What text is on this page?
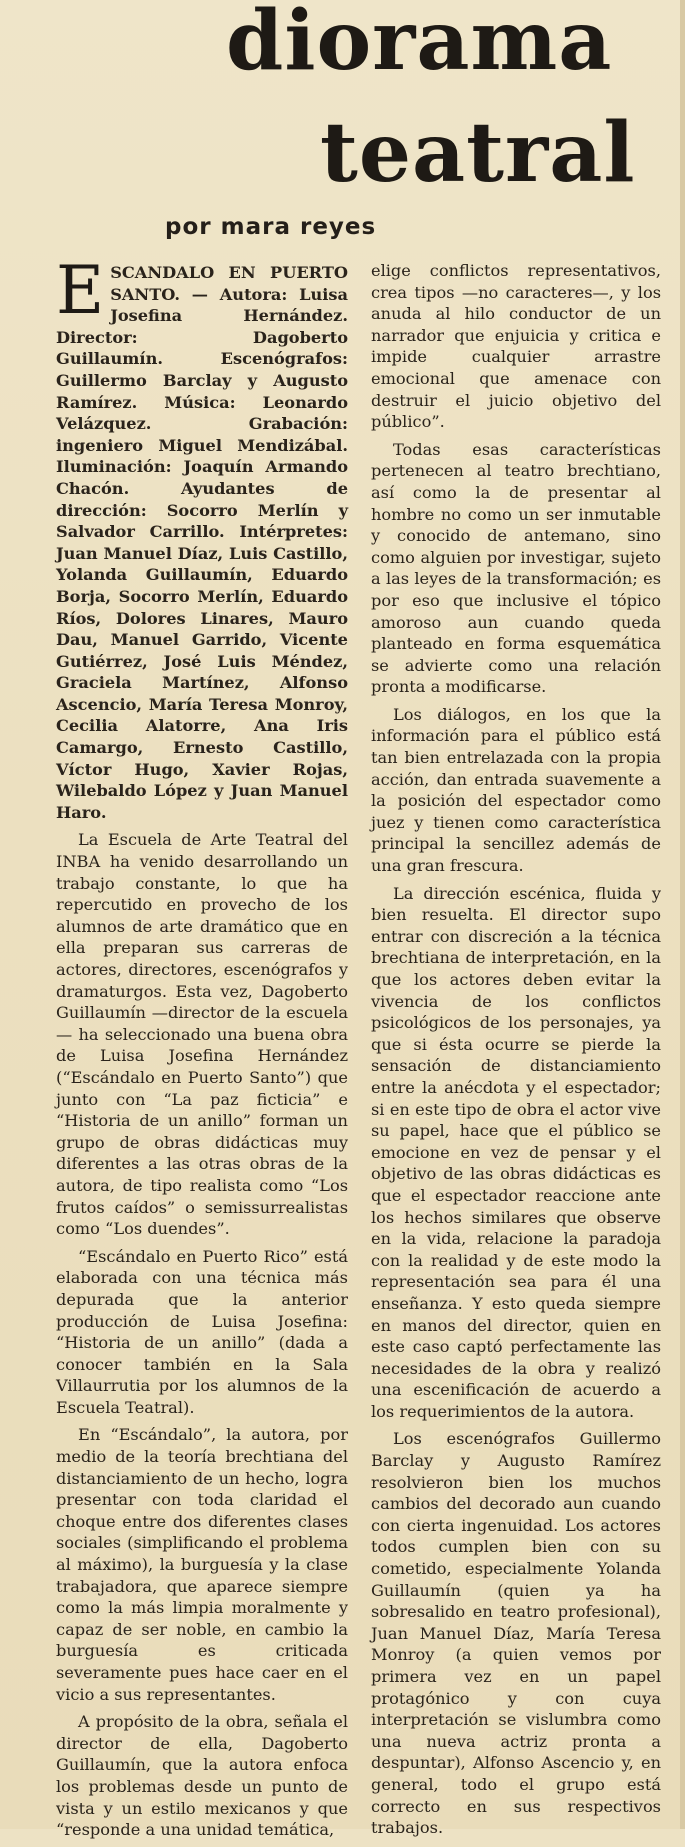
diorama
teatral
por mara reyes

ESCANDALO EN PUERTO SANTO. — Autora: Luisa Josefina Hernández. Director: Dagoberto Guillaumín. Escenógrafos: Guillermo Barclay y Augusto Ramírez. Música: Leonardo Velázquez. Grabación: ingeniero Miguel Mendizábal. Iluminación: Joaquín Armando Chacón. Ayudantes de dirección: Socorro Merlín y Salvador Carrillo. Intérpretes: Juan Manuel Díaz, Luis Castillo, Yolanda Guillaumín, Eduardo Borja, Socorro Merlín, Eduardo Ríos, Dolores Linares, Mauro Dau, Manuel Garrido, Vicente Gutiérrez, José Luis Méndez, Graciela Martínez, Alfonso Ascencio, María Teresa Monroy, Cecilia Alatorre, Ana Iris Camargo, Ernesto Castillo, Víctor Hugo, Xavier Rojas, Wilebaldo López y Juan Manuel Haro.

La Escuela de Arte Teatral del INBA ha venido desarrollando un trabajo constante, lo que ha repercutido en provecho de los alumnos de arte dramático que en ella preparan sus carreras de actores, directores, escenógrafos y dramaturgos. Esta vez, Dagoberto Guillaumín —director de la escuela— ha seleccionado una buena obra de Luisa Josefina Hernández (“Escándalo en Puerto Santo”) que junto con “La paz ficticia” e “Historia de un anillo” forman un grupo de obras didácticas muy diferentes a las otras obras de la autora, de tipo realista como “Los frutos caídos” o semissurrealistas como “Los duendes”.

“Escándalo en Puerto Rico” está elaborada con una técnica más depurada que la anterior producción de Luisa Josefina: “Historia de un anillo” (dada a conocer también en la Sala Villaurrutia por los alumnos de la Escuela Teatral).

En “Escándalo”, la autora, por medio de la teoría brechtiana del distanciamiento de un hecho, logra presentar con toda claridad el choque entre dos diferentes clases sociales (simplificando el problema al máximo), la burguesía y la clase trabajadora, que aparece siempre como la más limpia moralmente y capaz de ser noble, en cambio la burguesía es criticada severamente pues hace caer en el vicio a sus representantes.

A propósito de la obra, señala el director de ella, Dagoberto Guillaumín, que la autora enfoca los problemas desde un punto de vista y un estilo mexicanos y que “responde a una unidad temática,

elige conflictos representativos, crea tipos —no caracteres—, y los anuda al hilo conductor de un narrador que enjuicia y critica e impide cualquier arrastre emocional que amenace con destruir el juicio objetivo del público”.

Todas esas características pertenecen al teatro brechtiano, así como la de presentar al hombre no como un ser inmutable y conocido de antemano, sino como alguien por investigar, sujeto a las leyes de la transformación; es por eso que inclusive el tópico amoroso aun cuando queda planteado en forma esquemática se advierte como una relación pronta a modificarse.

Los diálogos, en los que la información para el público está tan bien entrelazada con la propia acción, dan entrada suavemente a la posición del espectador como juez y tienen como característica principal la sencillez además de una gran frescura.

La dirección escénica, fluida y bien resuelta. El director supo entrar con discreción a la técnica brechtiana de interpretación, en la que los actores deben evitar la vivencia de los conflictos psicológicos de los personajes, ya que si ésta ocurre se pierde la sensación de distanciamiento entre la anécdota y el espectador; si en este tipo de obra el actor vive su papel, hace que el público se emocione en vez de pensar y el objetivo de las obras didácticas es que el espectador reaccione ante los hechos similares que observe en la vida, relacione la paradoja con la realidad y de este modo la representación sea para él una enseñanza. Y esto queda siempre en manos del director, quien en este caso captó perfectamente las necesidades de la obra y realizó una escenificación de acuerdo a los requerimientos de la autora.

Los escenógrafos Guillermo Barclay y Augusto Ramírez resolvieron bien los muchos cambios del decorado aun cuando con cierta ingenuidad. Los actores todos cumplen bien con su cometido, especialmente Yolanda Guillaumín (quien ya ha sobresalido en teatro profesional), Juan Manuel Díaz, María Teresa Monroy (a quien vemos por primera vez en un papel protagónico y con cuya interpretación se vislumbra como una nueva actriz pronta a despuntar), Alfonso Ascencio y, en general, todo el grupo está correcto en sus respectivos trabajos.
